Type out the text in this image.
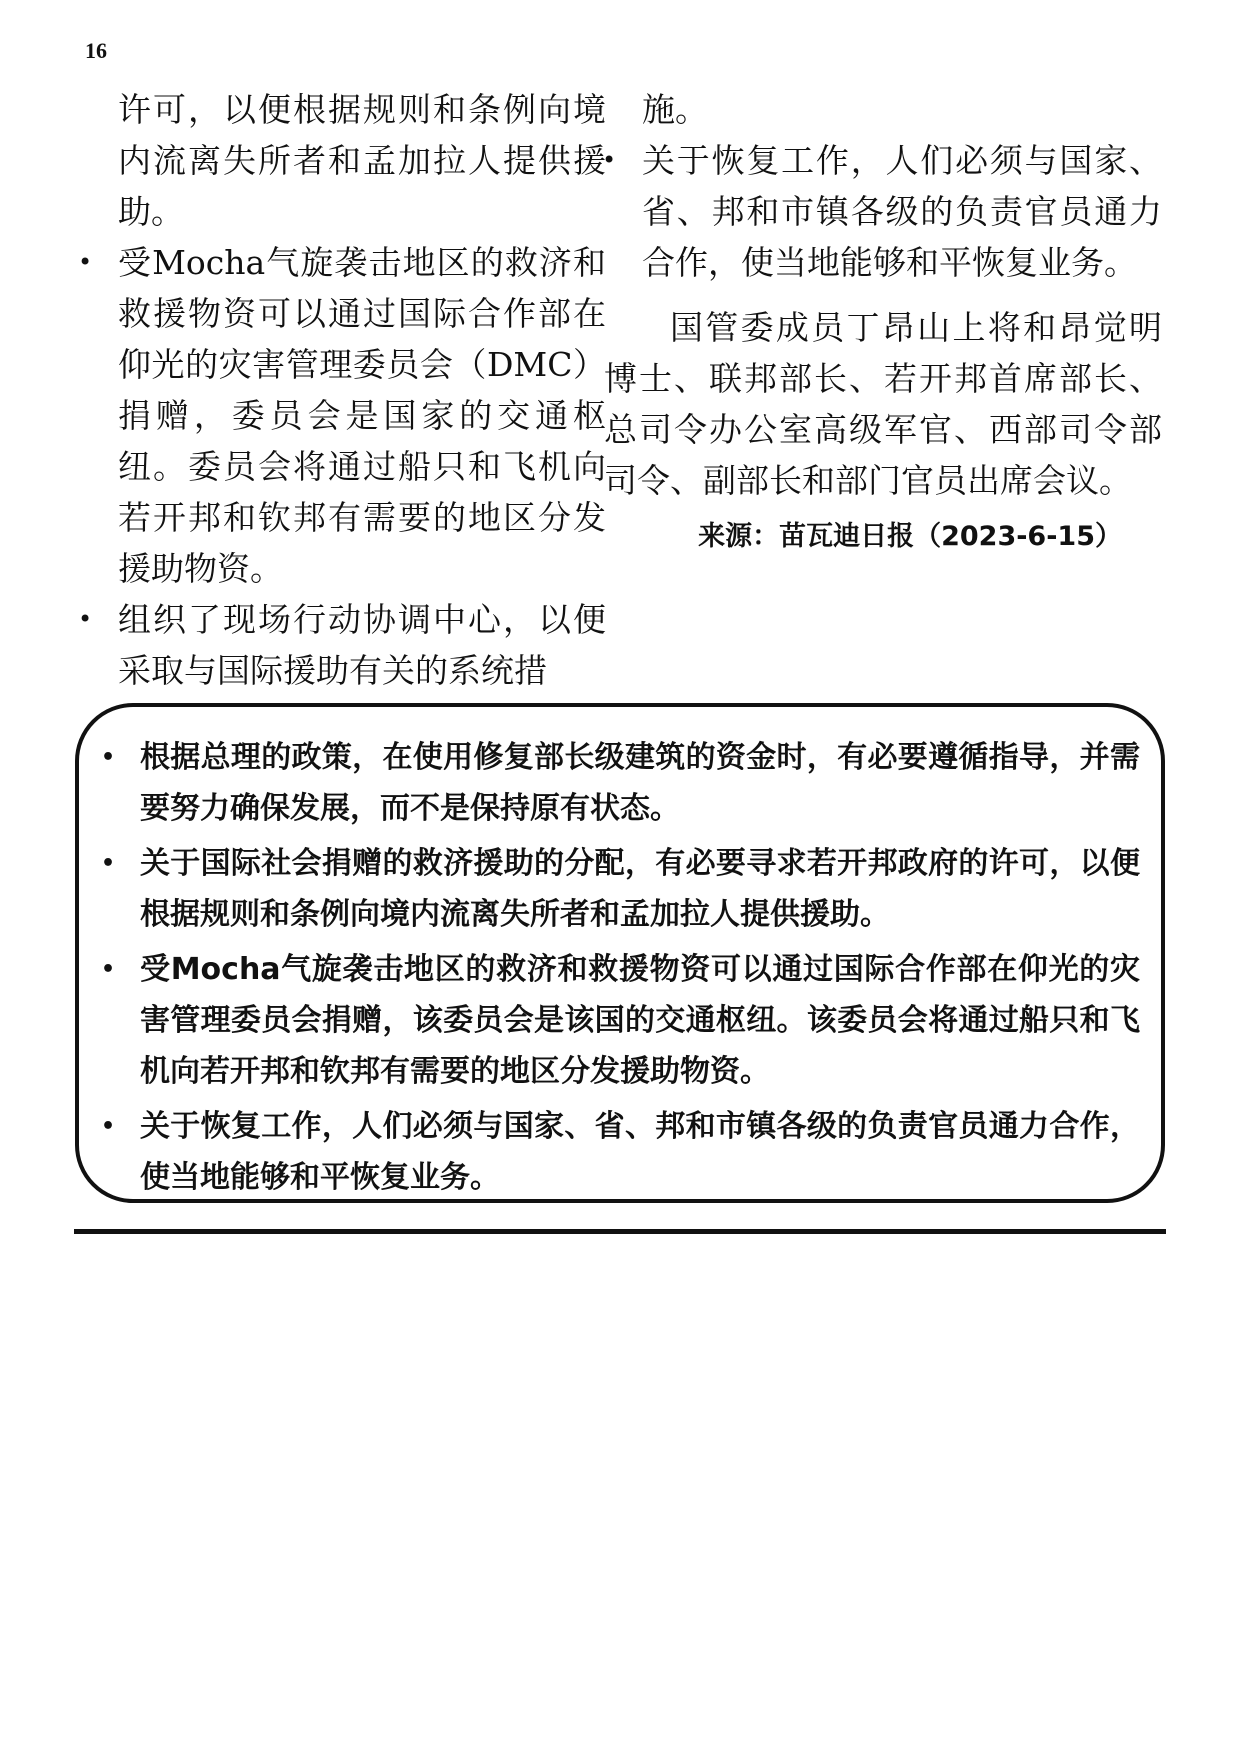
16

许可，以便根据规则和条例向境内流离失所者和孟加拉人提供援助。

• 受Mocha气旋袭击地区的救济和救援物资可以通过国际合作部在仰光的灾害管理委员会（DMC）捐赠，委员会是国家的交通枢纽。委员会将通过船只和飞机向若开邦和钦邦有需要的地区分发援助物资。
• 组织了现场行动协调中心，以便采取与国际援助有关的系统措

施。

• 关于恢复工作，人们必须与国家、省、邦和市镇各级的负责官员通力合作，使当地能够和平恢复业务。

国管委成员丁昂山上将和昂觉明博士、联邦部长、若开邦首席部长、总司令办公室高级军官、西部司令部司令、副部长和部门官员出席会议。

来源：苗瓦迪日报（2023-6-15）
• 根据总理的政策，在使用修复部长级建筑的资金时，有必要遵循指导，并需要努力确保发展，而不是保持原有状态。
• 关于国际社会捐赠的救济援助的分配，有必要寻求若开邦政府的许可，以便根据规则和条例向境内流离失所者和孟加拉人提供援助。
• 受Mocha气旋袭击地区的救济和救援物资可以通过国际合作部在仰光的灾害管理委员会捐赠，该委员会是该国的交通枢纽。该委员会将通过船只和飞机向若开邦和钦邦有需要的地区分发援助物资。
• 关于恢复工作，人们必须与国家、省、邦和市镇各级的负责官员通力合作，使当地能够和平恢复业务。
